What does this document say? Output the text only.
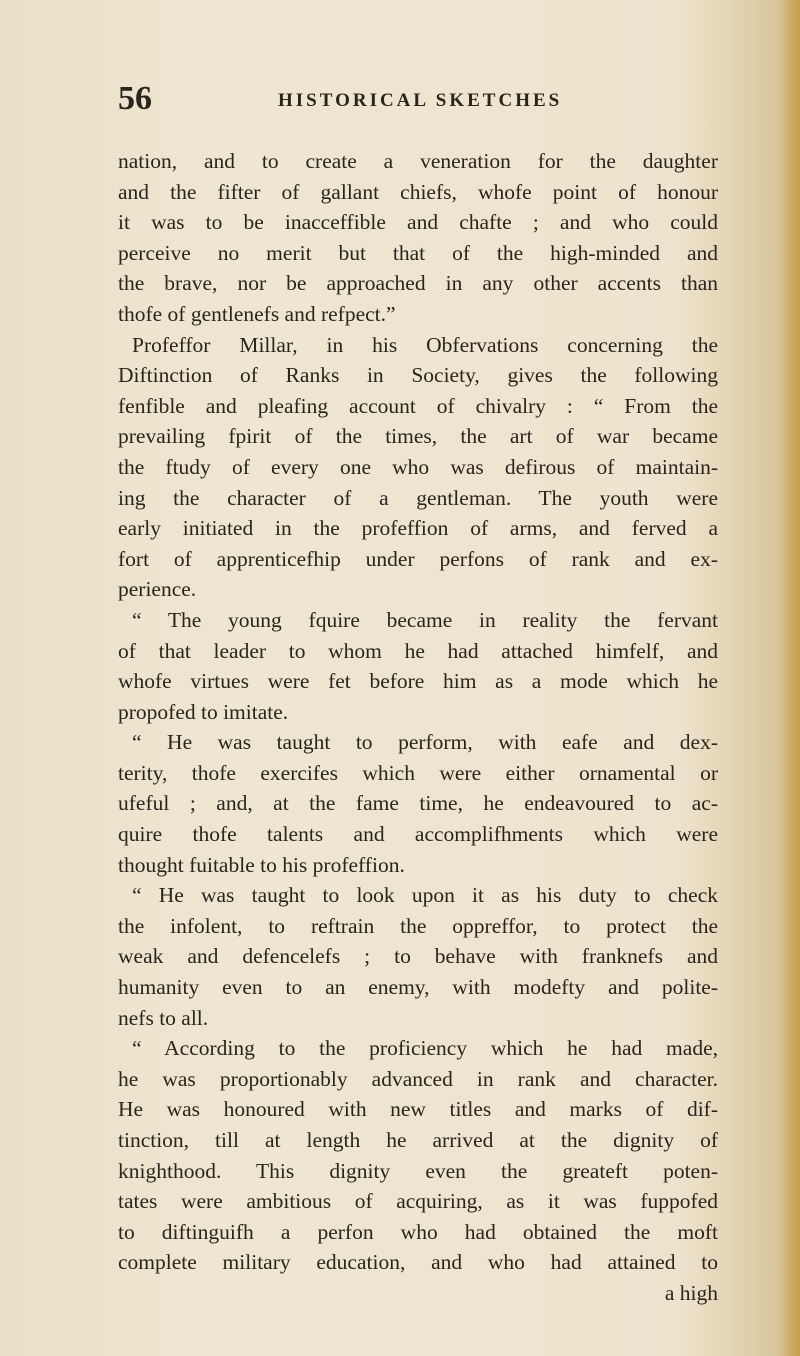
56	HISTORICAL SKETCHES
nation, and to create a veneration for the daughter
and the fifter of gallant chiefs, whofe point of honour
it was to be inacceffible and chafte ; and who could
perceive no merit but that of the high-minded and
the brave, nor be approached in any other accents than
thofe of gentlenefs and refpect.”
Profeffor Millar, in his Obfervations concerning the
Diftinction of Ranks in Society, gives the following
fenfible and pleafing account of chivalry : “ From the
prevailing fpirit of the times, the art of war became
the ftudy of every one who was defirous of maintain-
ing the character of a gentleman. The youth were
early initiated in the profeffion of arms, and ferved a
fort of apprenticefhip under perfons of rank and ex-
perience.
“ The young fquire became in reality the fervant
of that leader to whom he had attached himfelf, and
whofe virtues were fet before him as a mode which he
propofed to imitate.
“ He was taught to perform, with eafe and dex-
terity, thofe exercifes which were either ornamental or
ufeful ; and, at the fame time, he endeavoured to ac-
quire thofe talents and accomplifhments which were
thought fuitable to his profeffion.
“ He was taught to look upon it as his duty to check
the infolent, to reftrain the oppreffor, to protect the
weak and defencelefs ; to behave with franknefs and
humanity even to an enemy, with modefty and polite-
nefs to all.
“ According to the proficiency which he had made,
he was proportionably advanced in rank and character.
He was honoured with new titles and marks of dif-
tinction, till at length he arrived at the dignity of
knighthood. This dignity even the greateft poten-
tates were ambitious of acquiring, as it was fuppofed
to diftinguifh a perfon who had obtained the moft
complete military education, and who had attained to
a high
